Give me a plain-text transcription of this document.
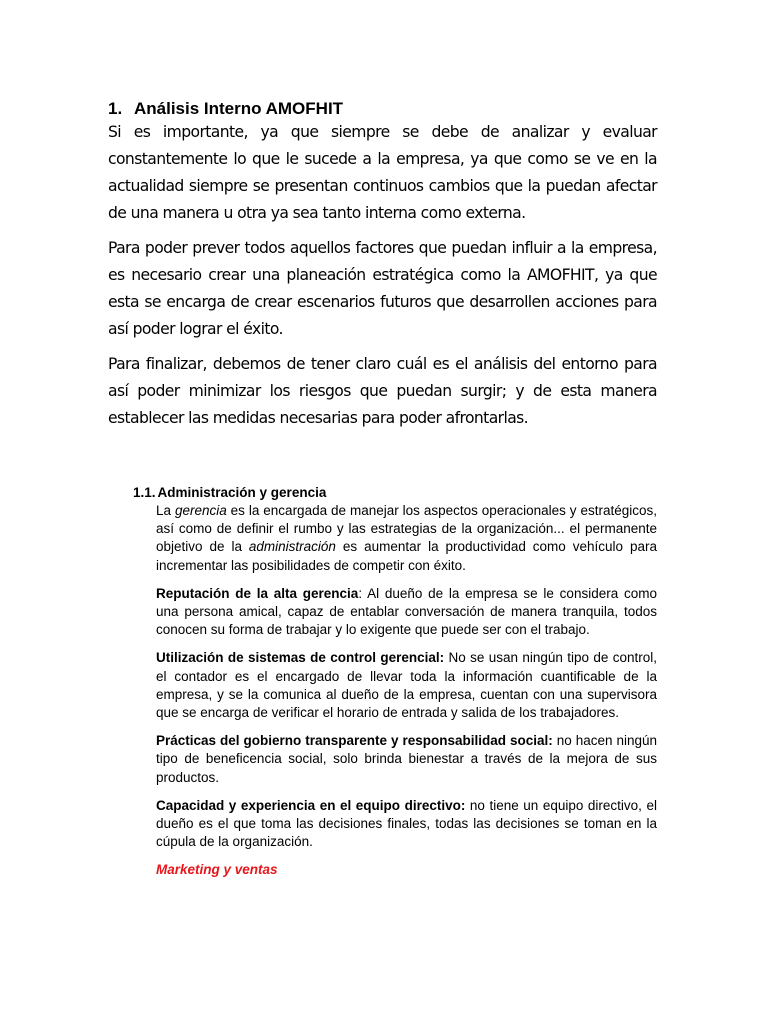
1. Análisis Interno AMOFHIT

Si es importante, ya que siempre se debe de analizar y evaluar constantemente lo que le sucede a la empresa, ya que como se ve en la actualidad siempre se presentan continuos cambios que la puedan afectar de una manera u otra ya sea tanto interna como externa.

Para poder prever todos aquellos factores que puedan influir a la empresa, es necesario crear una planeación estratégica como la AMOFHIT, ya que esta se encarga de crear escenarios futuros que desarrollen acciones para así poder lograr el éxito.

Para finalizar, debemos de tener claro cuál es el análisis del entorno para así poder minimizar los riesgos que puedan surgir; y de esta manera establecer las medidas necesarias para poder afrontarlas.

1.1. Administración y gerencia

La gerencia es la encargada de manejar los aspectos operacionales y estratégicos, así como de definir el rumbo y las estrategias de la organización... el permanente objetivo de la administración es aumentar la productividad como vehículo para incrementar las posibilidades de competir con éxito.

Reputación de la alta gerencia: Al dueño de la empresa se le considera como una persona amical, capaz de entablar conversación de manera tranquila, todos conocen su forma de trabajar y lo exigente que puede ser con el trabajo.

Utilización de sistemas de control gerencial: No se usan ningún tipo de control, el contador es el encargado de llevar toda la información cuantificable de la empresa, y se la comunica al dueño de la empresa, cuentan con una supervisora que se encarga de verificar el horario de entrada y salida de los trabajadores.

Prácticas del gobierno transparente y responsabilidad social: no hacen ningún tipo de beneficencia social, solo brinda bienestar a través de la mejora de sus productos.

Capacidad y experiencia en el equipo directivo: no tiene un equipo directivo, el dueño es el que toma las decisiones finales, todas las decisiones se toman en la cúpula de la organización.

Marketing y ventas
